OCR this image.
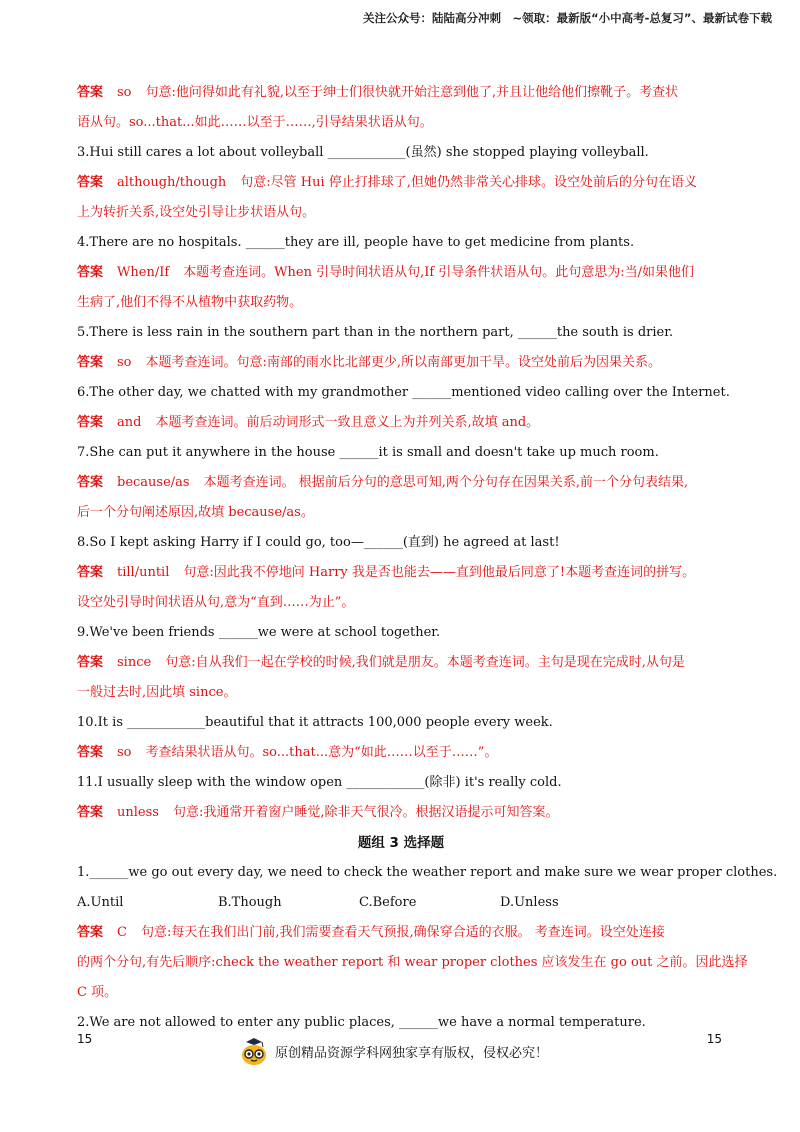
关注公众号：陆陆高分冲刺　~领取：最新版“小中高考-总复习”、最新试卷下载
答案 so 句意:他问得如此有礼貌,以至于绅士们很快就开始注意到他了,并且让他给他们擦靴子。考查状
语从句。so...that...如此……以至于……,引导结果状语从句。
3.Hui still cares a lot about volleyball ____________(虽然) she stopped playing volleyball.
答案 although/though 句意:尽管 Hui 停止打排球了,但她仍然非常关心排球。设空处前后的分句在语义
上为转折关系,设空处引导让步状语从句。
4.There are no hospitals. ______they are ill, people have to get medicine from plants.
答案 When/If 本题考查连词。When 引导时间状语从句,If 引导条件状语从句。此句意思为:当/如果他们
生病了,他们不得不从植物中获取药物。
5.There is less rain in the southern part than in the northern part, ______the south is drier.
答案 so 本题考查连词。句意:南部的雨水比北部更少,所以南部更加干旱。设空处前后为因果关系。
6.The other day, we chatted with my grandmother ______mentioned video calling over the Internet.
答案 and 本题考查连词。前后动词形式一致且意义上为并列关系,故填 and。
7.She can put it anywhere in the house ______it is small and doesn't take up much room.
答案 because/as 本题考查连词。 根据前后分句的意思可知,两个分句存在因果关系,前一个分句表结果,
后一个分句阐述原因,故填 because/as。
8.So I kept asking Harry if I could go, too—______(直到) he agreed at last!
答案 till/until 句意:因此我不停地问 Harry 我是否也能去——直到他最后同意了!本题考查连词的拼写。
设空处引导时间状语从句,意为“直到……为止”。
9.We've been friends ______we were at school together.
答案 since 句意:自从我们一起在学校的时候,我们就是朋友。本题考查连词。主句是现在完成时,从句是
一般过去时,因此填 since。
10.It is ____________beautiful that it attracts 100,000 people every week.
答案 so 考查结果状语从句。so...that...意为“如此……以至于……”。
11.I usually sleep with the window open ____________(除非) it's really cold.
答案 unless 句意:我通常开着窗户睡觉,除非天气很冷。根据汉语提示可知答案。
题组 3 选择题
1.______we go out every day, we need to check the weather report and make sure we wear proper clothes.
A.Until	B.Though	C.Before	D.Unless
答案 C 句意:每天在我们出门前,我们需要查看天气预报,确保穿合适的衣服。 考查连词。设空处连接
的两个分句,有先后顺序:check the weather report 和 wear proper clothes 应该发生在 go out 之前。因此选择
C 项。
2.We are not allowed to enter any public places, ______we have a normal temperature.
15	15
原创精品资源学科网独家享有版权，侵权必究！
